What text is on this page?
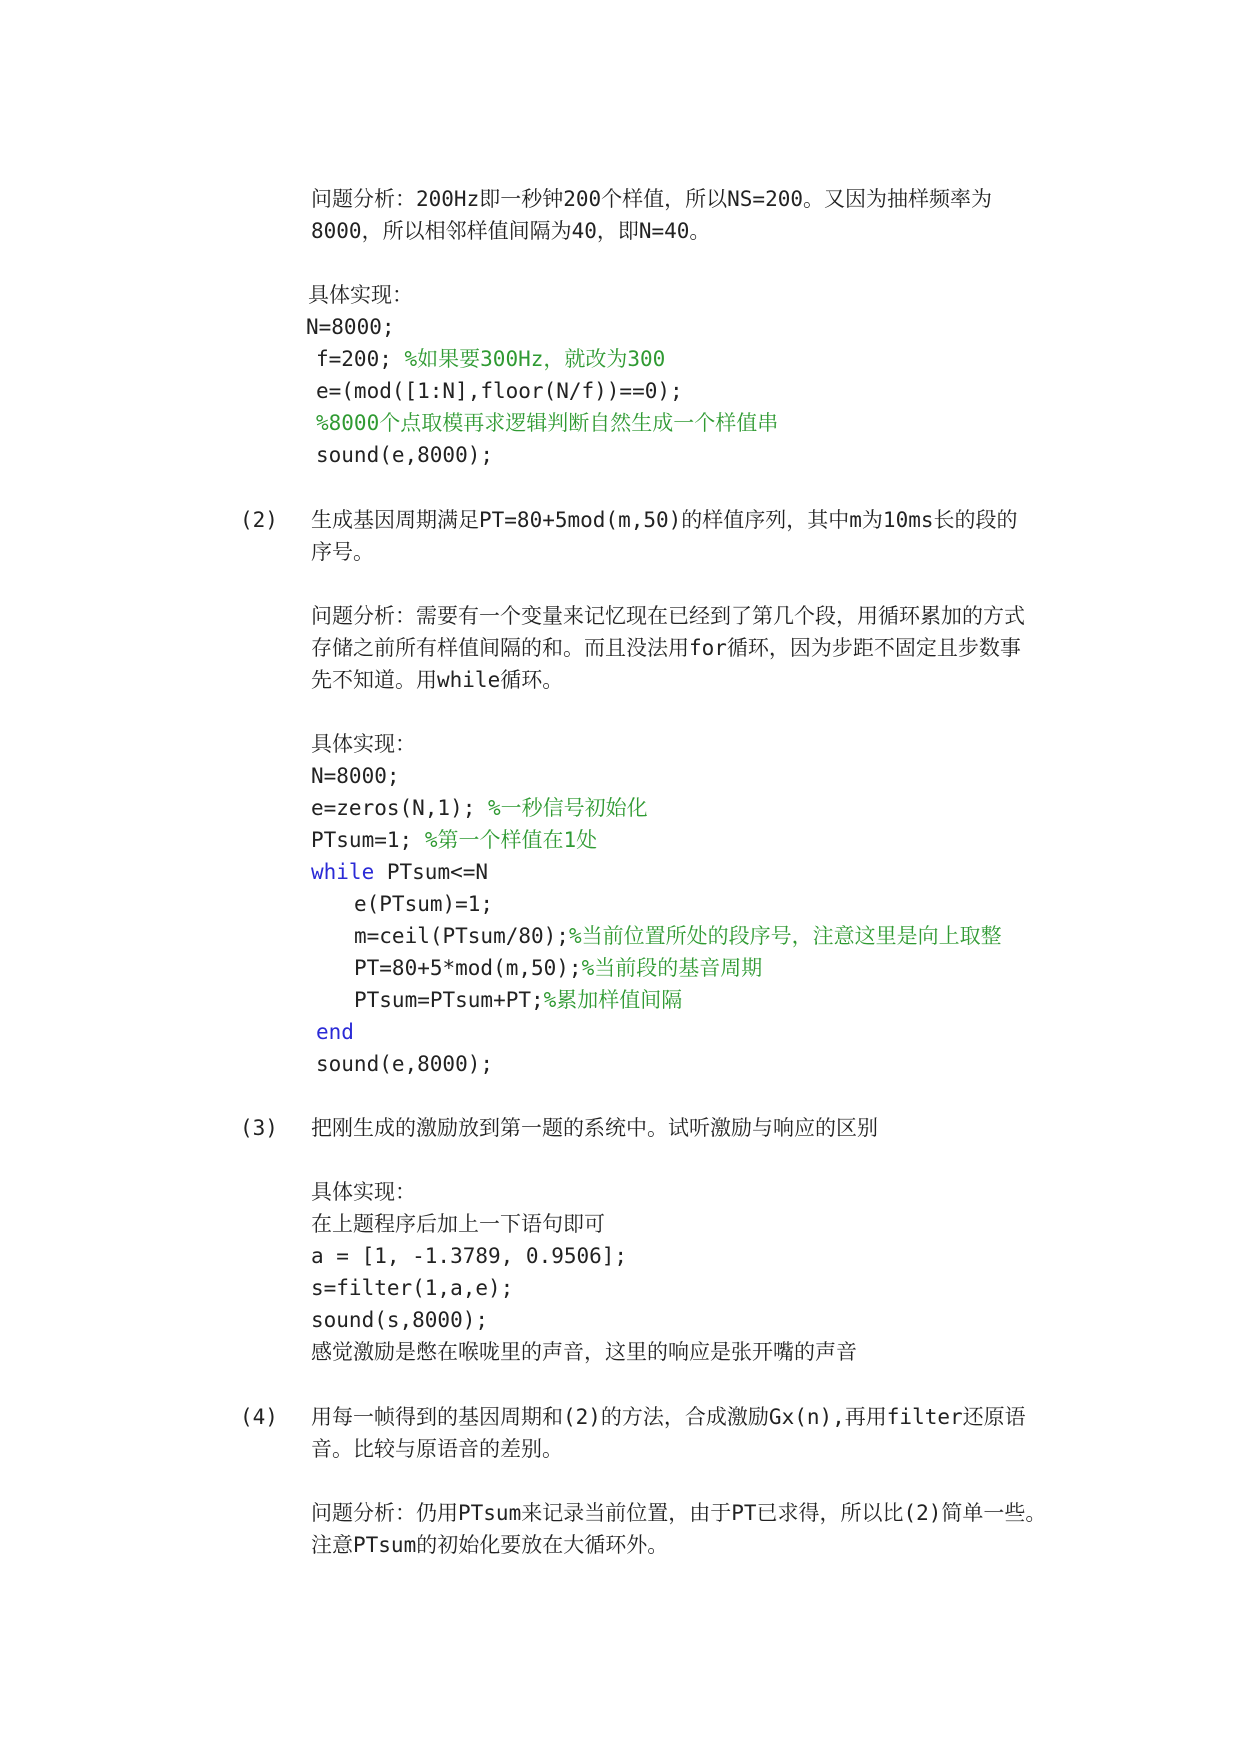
问题分析：200Hz即一秒钟200个样值，所以NS=200。又因为抽样频率为
8000，所以相邻样值间隔为40，即N=40。
具体实现：
N=8000;
f=200; %如果要300Hz，就改为300
e=(mod([1:N],floor(N/f))==0);
%8000个点取模再求逻辑判断自然生成一个样值串
sound(e,8000);
(2) 生成基因周期满足PT=80+5mod(m,50)的样值序列，其中m为10ms长的段的
序号。
问题分析：需要有一个变量来记忆现在已经到了第几个段，用循环累加的方式
存储之前所有样值间隔的和。而且没法用for循环，因为步距不固定且步数事
先不知道。用while循环。
具体实现：
N=8000;
e=zeros(N,1); %一秒信号初始化
PTsum=1; %第一个样值在1处
while PTsum<=N
e(PTsum)=1;
m=ceil(PTsum/80);%当前位置所处的段序号，注意这里是向上取整
PT=80+5*mod(m,50);%当前段的基音周期
PTsum=PTsum+PT;%累加样值间隔
end
sound(e,8000);
(3) 把刚生成的激励放到第一题的系统中。试听激励与响应的区别
具体实现：
在上题程序后加上一下语句即可
a = [1, -1.3789, 0.9506];
s=filter(1,a,e);
sound(s,8000);
感觉激励是憋在喉咙里的声音，这里的响应是张开嘴的声音
(4) 用每一帧得到的基因周期和(2)的方法，合成激励Gx(n),再用filter还原语
音。比较与原语音的差别。
问题分析：仍用PTsum来记录当前位置，由于PT已求得，所以比(2)简单一些。
注意PTsum的初始化要放在大循环外。
